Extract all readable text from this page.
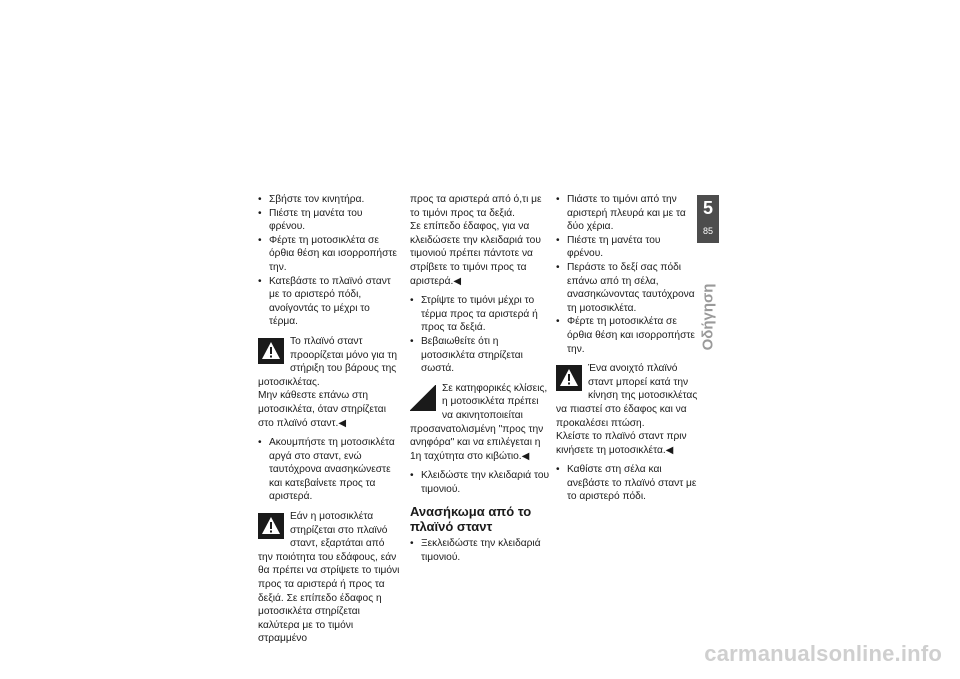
• Σβήστε τον κινητήρα.

• Πιέστε τη μανέτα του φρένου.

• Φέρτε τη μοτοσικλέτα σε όρθια θέση και ισορροπήστε την.

• Κατεβάστε το πλαϊνό σταντ με το αριστερό πόδι, ανοίγοντάς το μέχρι το τέρμα.

Το πλαϊνό σταντ προορίζεται μόνο για τη στήριξη του βάρους της μοτοσικλέτας.

Μην κάθεστε επάνω στη μοτοσικλέτα, όταν στηρίζεται στο πλαϊνό σταντ.◀

• Ακουμπήστε τη μοτοσικλέτα αργά στο σταντ, ενώ ταυτόχρονα ανασηκώνεστε και κατεβαίνετε προς τα αριστερά.

Εάν η μοτοσικλέτα στηρίζεται στο πλαϊνό σταντ, εξαρτάται από την ποιότητα του εδάφους, εάν θα πρέπει να στρίψετε το τιμόνι προς τα αριστερά ή προς τα δεξιά. Σε επίπεδο έδαφος η μοτοσικλέτα στηρίζεται καλύτερα με το τιμόνι στραμμένο

προς τα αριστερά από ό,τι με το τιμόνι προς τα δεξιά.

Σε επίπεδο έδαφος, για να κλειδώσετε την κλειδαριά του τιμονιού πρέπει πάντοτε να στρίβετε το τιμόνι προς τα αριστερά.◀

• Στρίψτε το τιμόνι μέχρι το τέρμα προς τα αριστερά ή προς τα δεξιά.

• Βεβαιωθείτε ότι η μοτοσικλέτα στηρίζεται σωστά.

Σε κατηφορικές κλίσεις, η μοτοσικλέτα πρέπει να ακινητοποιείται προσανατολισμένη "προς την ανηφόρα" και να επιλέγεται η 1η ταχύτητα στο κιβώτιο.◀

• Κλειδώστε την κλειδαριά του τιμονιού.

Ανασήκωμα από το πλαϊνό σταντ

• Ξεκλειδώστε την κλειδαριά τιμονιού.

• Πιάστε το τιμόνι από την αριστερή πλευρά και με τα δύο χέρια.

• Πιέστε τη μανέτα του φρένου.

• Περάστε το δεξί σας πόδι επάνω από τη σέλα, ανασηκώνοντας ταυτόχρονα τη μοτοσικλέτα.

• Φέρτε τη μοτοσικλέτα σε όρθια θέση και ισορροπήστε την.

Ένα ανοιχτό πλαϊνό σταντ μπορεί κατά την κίνηση της μοτοσικλέτας να πιαστεί στο έδαφος και να προκαλέσει πτώση.

Κλείστε το πλαϊνό σταντ πριν κινήσετε τη μοτοσικλέτα.◀

• Καθίστε στη σέλα και ανεβάστε το πλαϊνό σταντ με το αριστερό πόδι.

5
85
Οδήγηση
carmanualsonline.info
